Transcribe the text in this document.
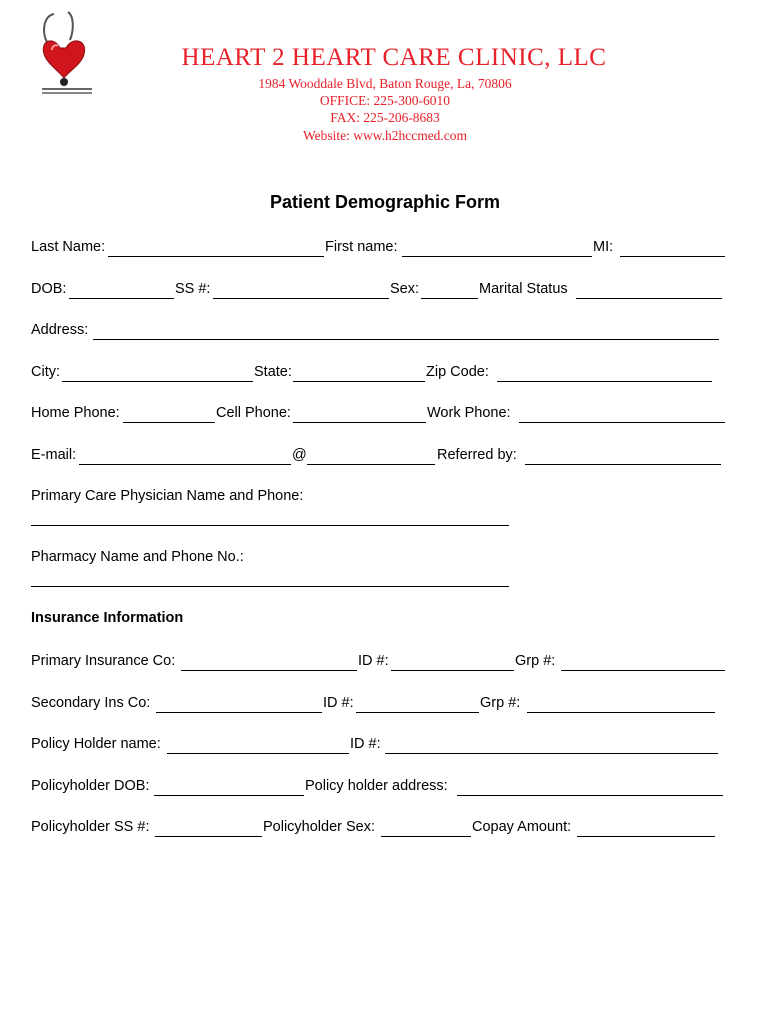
HEART 2 HEART CARE CLINIC, LLC
1984 Wooddale Blvd, Baton Rouge, La, 70806
OFFICE: 225-300-6010
FAX: 225-206-8683
Website: www.h2hccmed.com
Patient Demographic Form
Last Name:	First name:	MI:
DOB:	SS #:	Sex:	Marital Status
Address:
City:	State:	Zip Code:
Home Phone:	Cell Phone:	Work Phone:
E-mail:	@	Referred by:
Primary Care Physician Name and Phone:
Pharmacy Name and Phone No.:
Insurance Information
Primary Insurance Co:	ID #:	Grp #:
Secondary Ins Co:	ID #:	Grp #:
Policy Holder name:	ID #:
Policyholder DOB:	Policy holder address:
Policyholder SS #:	Policyholder Sex:	Copay Amount:
